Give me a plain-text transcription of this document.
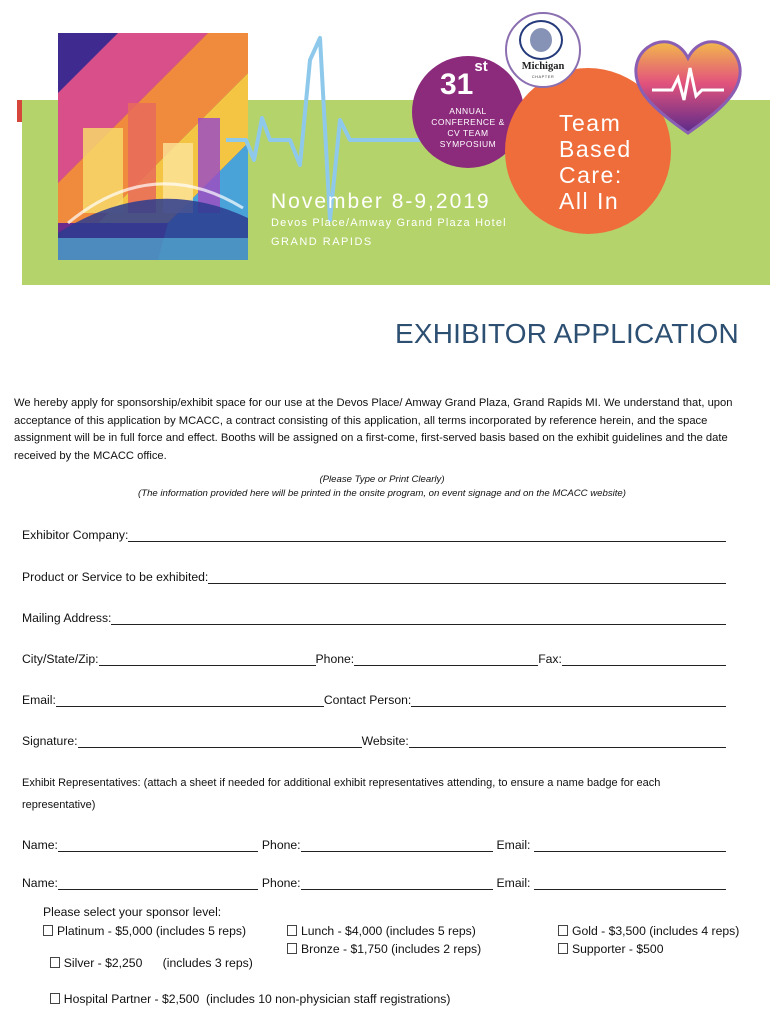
November 8-9,2019
Devos Place/Amway Grand Plaza Hotel
GRAND RAPIDS
31st
ANNUAL
CONFERENCE &
CV TEAM
SYMPOSIUM
Team
Based
Care:
All In
Michigan
CHAPTER
EXHIBITOR APPLICATION
We hereby apply for sponsorship/exhibit space for our use at the Devos Place/ Amway Grand Plaza, Grand Rapids MI. We understand that, upon acceptance of this application by MCACC, a contract consisting of this application, all terms incorporated by reference herein, and the space assignment will be in full force and effect. Booths will be assigned on a first-come, first-served basis based on the exhibit guidelines and the date received by the MCACC office.
(Please Type or Print Clearly)
(The information provided here will be printed in the onsite program, on event signage and on the MCACC website)
Exhibitor Company:
Product or Service to be exhibited:
Mailing Address:
City/State/Zip:	Phone:	Fax:
Email:	Contact Person:
Signature:	Website:
Exhibit Representatives: (attach a sheet if needed for additional exhibit representatives attending, to ensure a name badge for each representative)
Name:	Phone:	Email:
Name:	Phone:	Email:
Please select your sponsor level:
Platinum - $5,000 (includes 5 reps)	Lunch - $4,000 (includes 5 reps)	Gold - $3,500 (includes 4 reps)

Silver - $2,250      (includes 3 reps)

Bronze - $1,750 (includes 2 reps)	Supporter - $500

Hospital Partner - $2,500  (includes 10 non-physician staff registrations)
